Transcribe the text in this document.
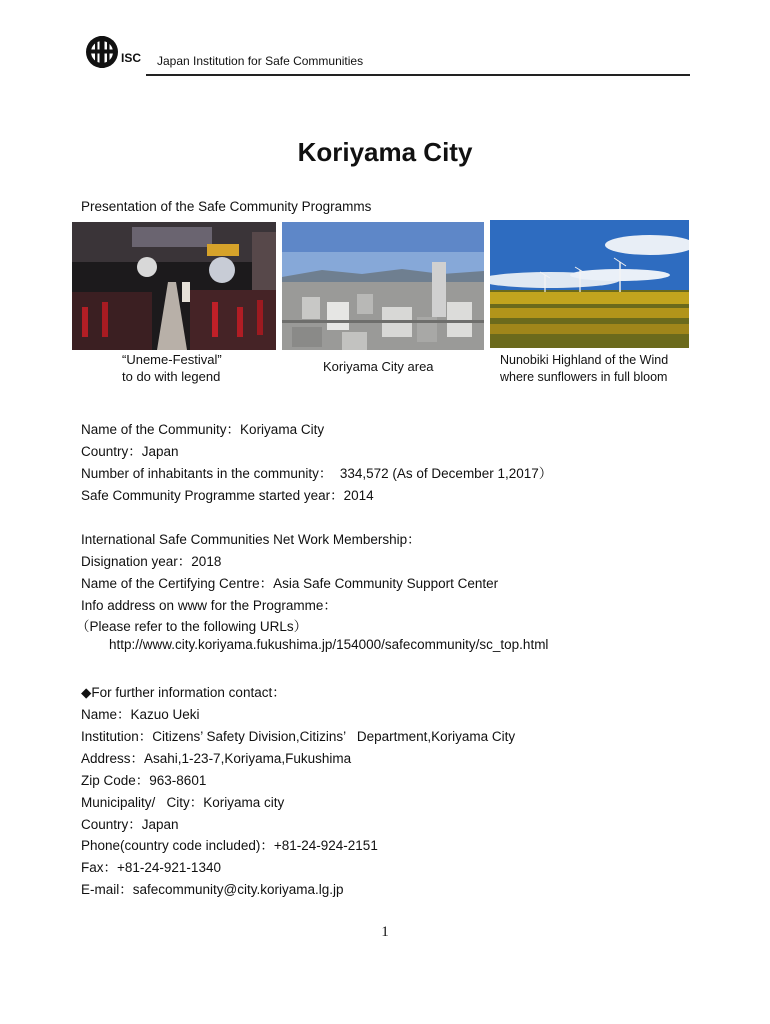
ISC Japan Institution for Safe Communities
Koriyama City
Presentation of the Safe Community Programms
“Uneme-Festival”
to do with legend
Koriyama City area	Nunobiki Highland of the Wind
where sunflowers in full bloom
Name of the Community：Koriyama City
Country：Japan
Number of inhabitants in the community：  334,572 (As of December 1,2017）
Safe Community Programme started year：2014
International Safe Communities Net Work Membership：
Disignation year：2018
Name of the Certifying Centre：Asia Safe Community Support Center
Info address on www for the Programme：
（Please refer to the following URLs）
http://www.city.koriyama.fukushima.jp/154000/safecommunity/sc_top.html
◆For further information contact：
Name：Kazuo Ueki
Institution：Citizens’ Safety Division,Citizins’   Department,Koriyama City
Address：Asahi,1-23-7,Koriyama,Fukushima
Zip Code：963-8601
Municipality/   City：Koriyama city
Country：Japan
Phone(country code included)：+81-24-924-2151
Fax：+81-24-921-1340
E-mail：safecommunity@city.koriyama.lg.jp
1
